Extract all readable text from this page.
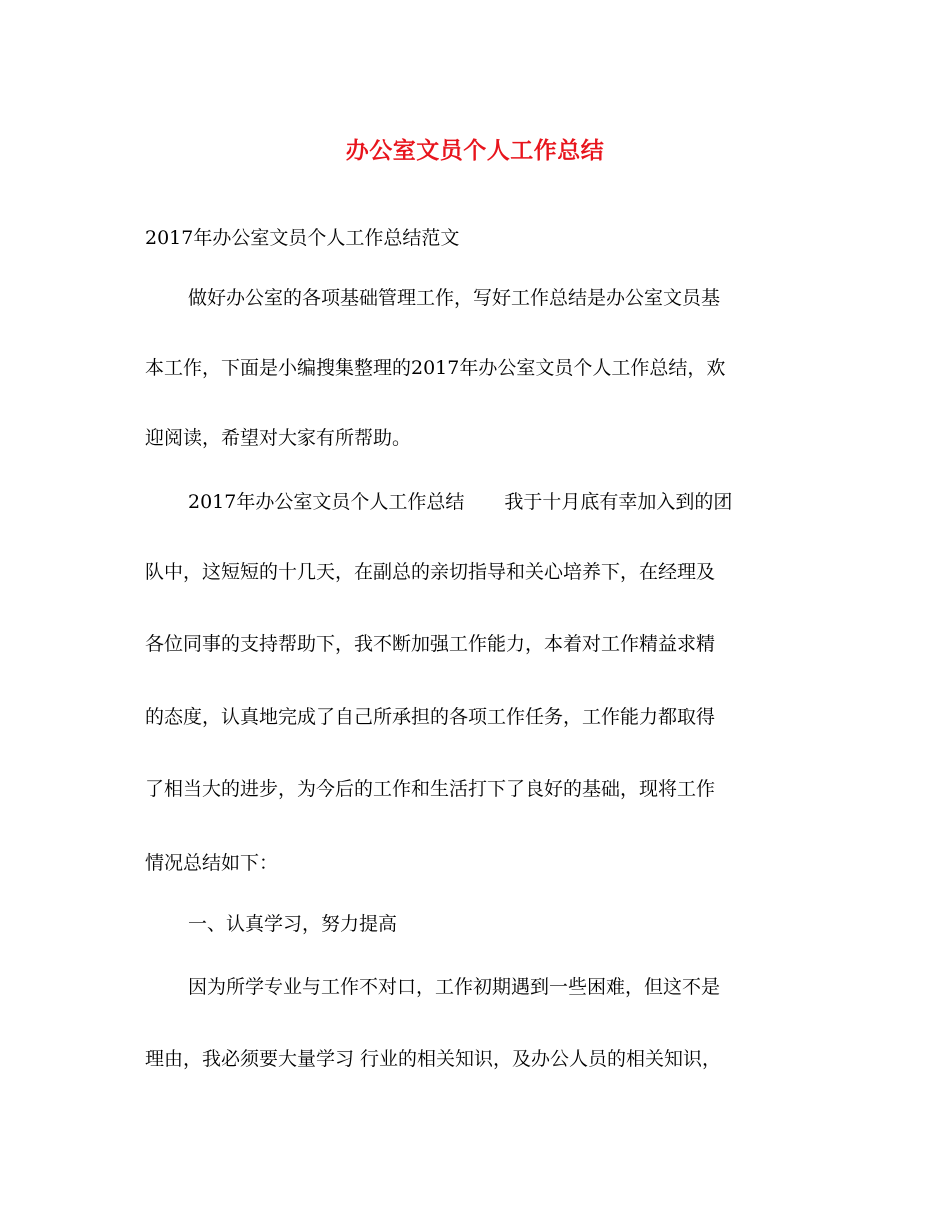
办公室文员个人工作总结
2017年办公室文员个人工作总结范文
做好办公室的各项基础管理工作，写好工作总结是办公室文员基
本工作，下面是小编搜集整理的2017年办公室文员个人工作总结，欢
迎阅读，希望对大家有所帮助。
2017年办公室文员个人工作总结 我于十月底有幸加入到的团
队中，这短短的十几天，在副总的亲切指导和关心培养下，在经理及
各位同事的支持帮助下，我不断加强工作能力，本着对工作精益求精
的态度，认真地完成了自己所承担的各项工作任务，工作能力都取得
了相当大的进步，为今后的工作和生活打下了良好的基础，现将工作
情况总结如下：
一、认真学习，努力提高
因为所学专业与工作不对口，工作初期遇到一些困难，但这不是
理由，我必须要大量学习 行业的相关知识，及办公人员的相关知识，
